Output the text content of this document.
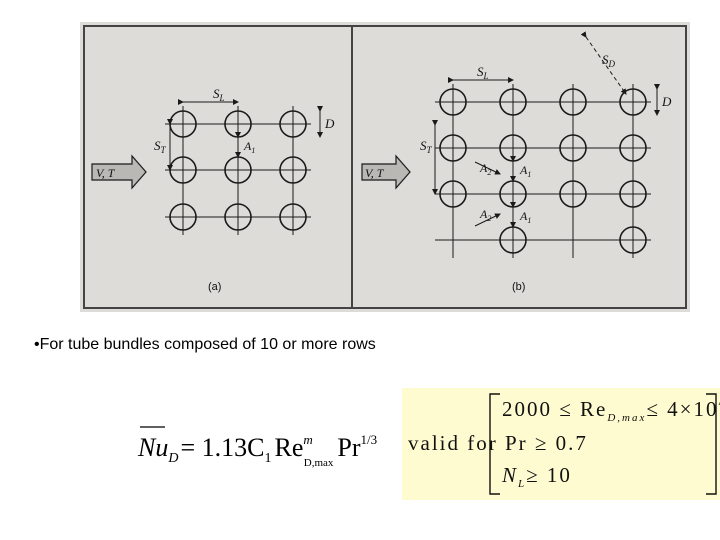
V, T
$S_L$
$S_T$
D
$A_1$
(a)
V, T
$S_L$
$S_T$
$S_D$
D
$A_1$
$A_1$
$A_2$
$A_2$
(b)
•For tube bundles composed of 10 or more rows
$Nu_D= 1.13C_1$ Re$^m$ D,maxPr$^{1/3}$
$2000 \le Re_{D,max}\le 4\times 10$
valid for Pr ≥ 0.7
$N_L\ge 10$
